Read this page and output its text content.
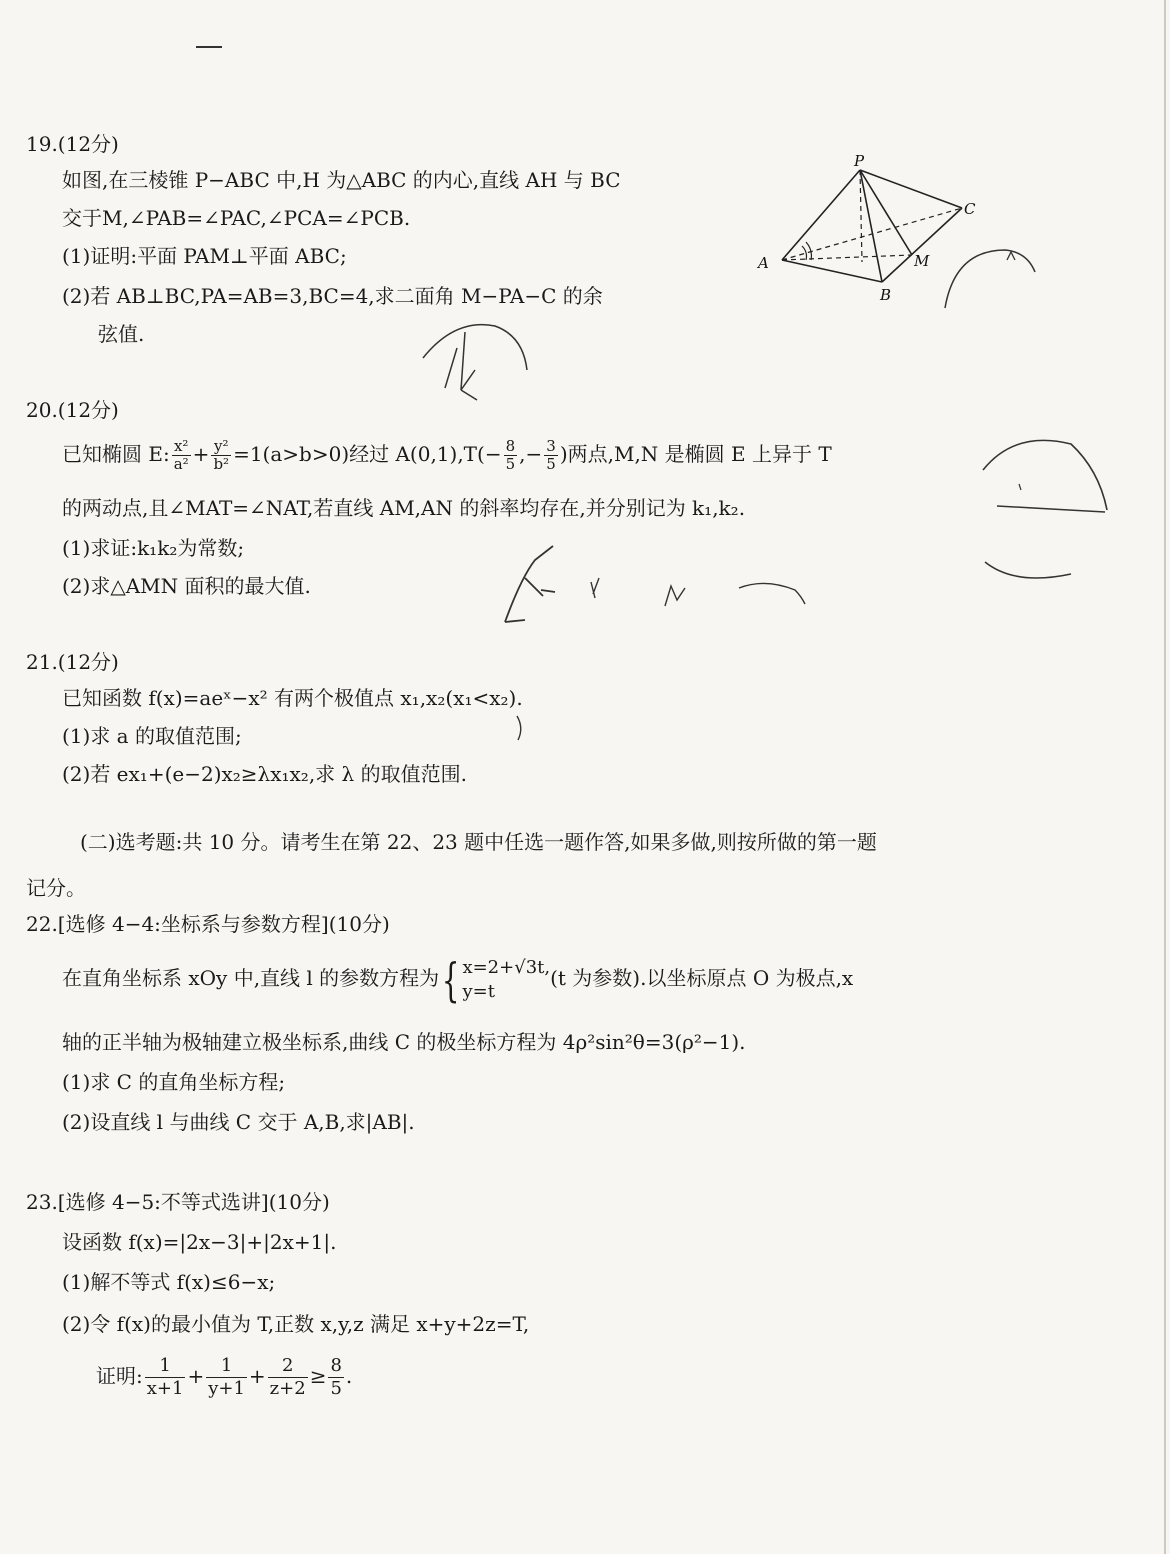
19.(12分)
如图,在三棱锥 P−ABC 中,H 为△ABC 的内心,直线 AH 与 BC
交于M,∠PAB=∠PAC,∠PCA=∠PCB.
(1)证明:平面 PAM⊥平面 ABC;
(2)若 AB⊥BC,PA=AB=3,BC=4,求二面角 M−PA−C 的余
弦值.
P
A
B
C
M
20.(12分)
已知椭圆 E: $\frac{\text{x²}}{\text{a²}} + \frac{\text{y²}}{\text{b²}} =1(a>b>0)$经过 $A(0,1),T(- \frac{8}{5}$ ,− $\frac{3}{5}$ )两点,M,N 是椭圆 E 上异于 T
的两动点,且∠MAT=∠NAT,若直线 AM,AN 的斜率均存在,并分别记为 k₁,k₂.
(1)求证:k₁k₂为常数;
(2)求△AMN 面积的最大值.
21.(12分)
已知函数 f(x)=aeˣ−x² 有两个极值点 x₁,x₂(x₁<x₂).
(1)求 a 的取值范围;
(2)若 ex₁+(e−2)x₂≥λx₁x₂,求 λ 的取值范围.
(二)选考题:共 10 分。请考生在第 22、23 题中任选一题作答,如果多做,则按所做的第一题
记分。
22.[选修 4−4:坐标系与参数方程](10分)
在直角坐标系 xOy 中,直线 l 的参数方程为{ x=2+√3t,
y=t
(t 为参数).以坐标原点 O 为极点,x
轴的正半轴为极轴建立极坐标系,曲线 C 的极坐标方程为 4ρ²sin²θ=3(ρ²−1).
(1)求 C 的直角坐标方程;
(2)设直线 l 与曲线 C 交于 A,B,求|AB|.
23.[选修 4−5:不等式选讲](10分)
设函数 f(x)=|2x−3|+|2x+1|.
(1)解不等式 f(x)≤6−x;
(2)令 f(x)的最小值为 T,正数 x,y,z 满足 x+y+2z=T,
证明: $\frac{1}{x+1} + \frac{1}{y+1} + \frac{2}{z+2} \ge \frac{8}{5}$ .
